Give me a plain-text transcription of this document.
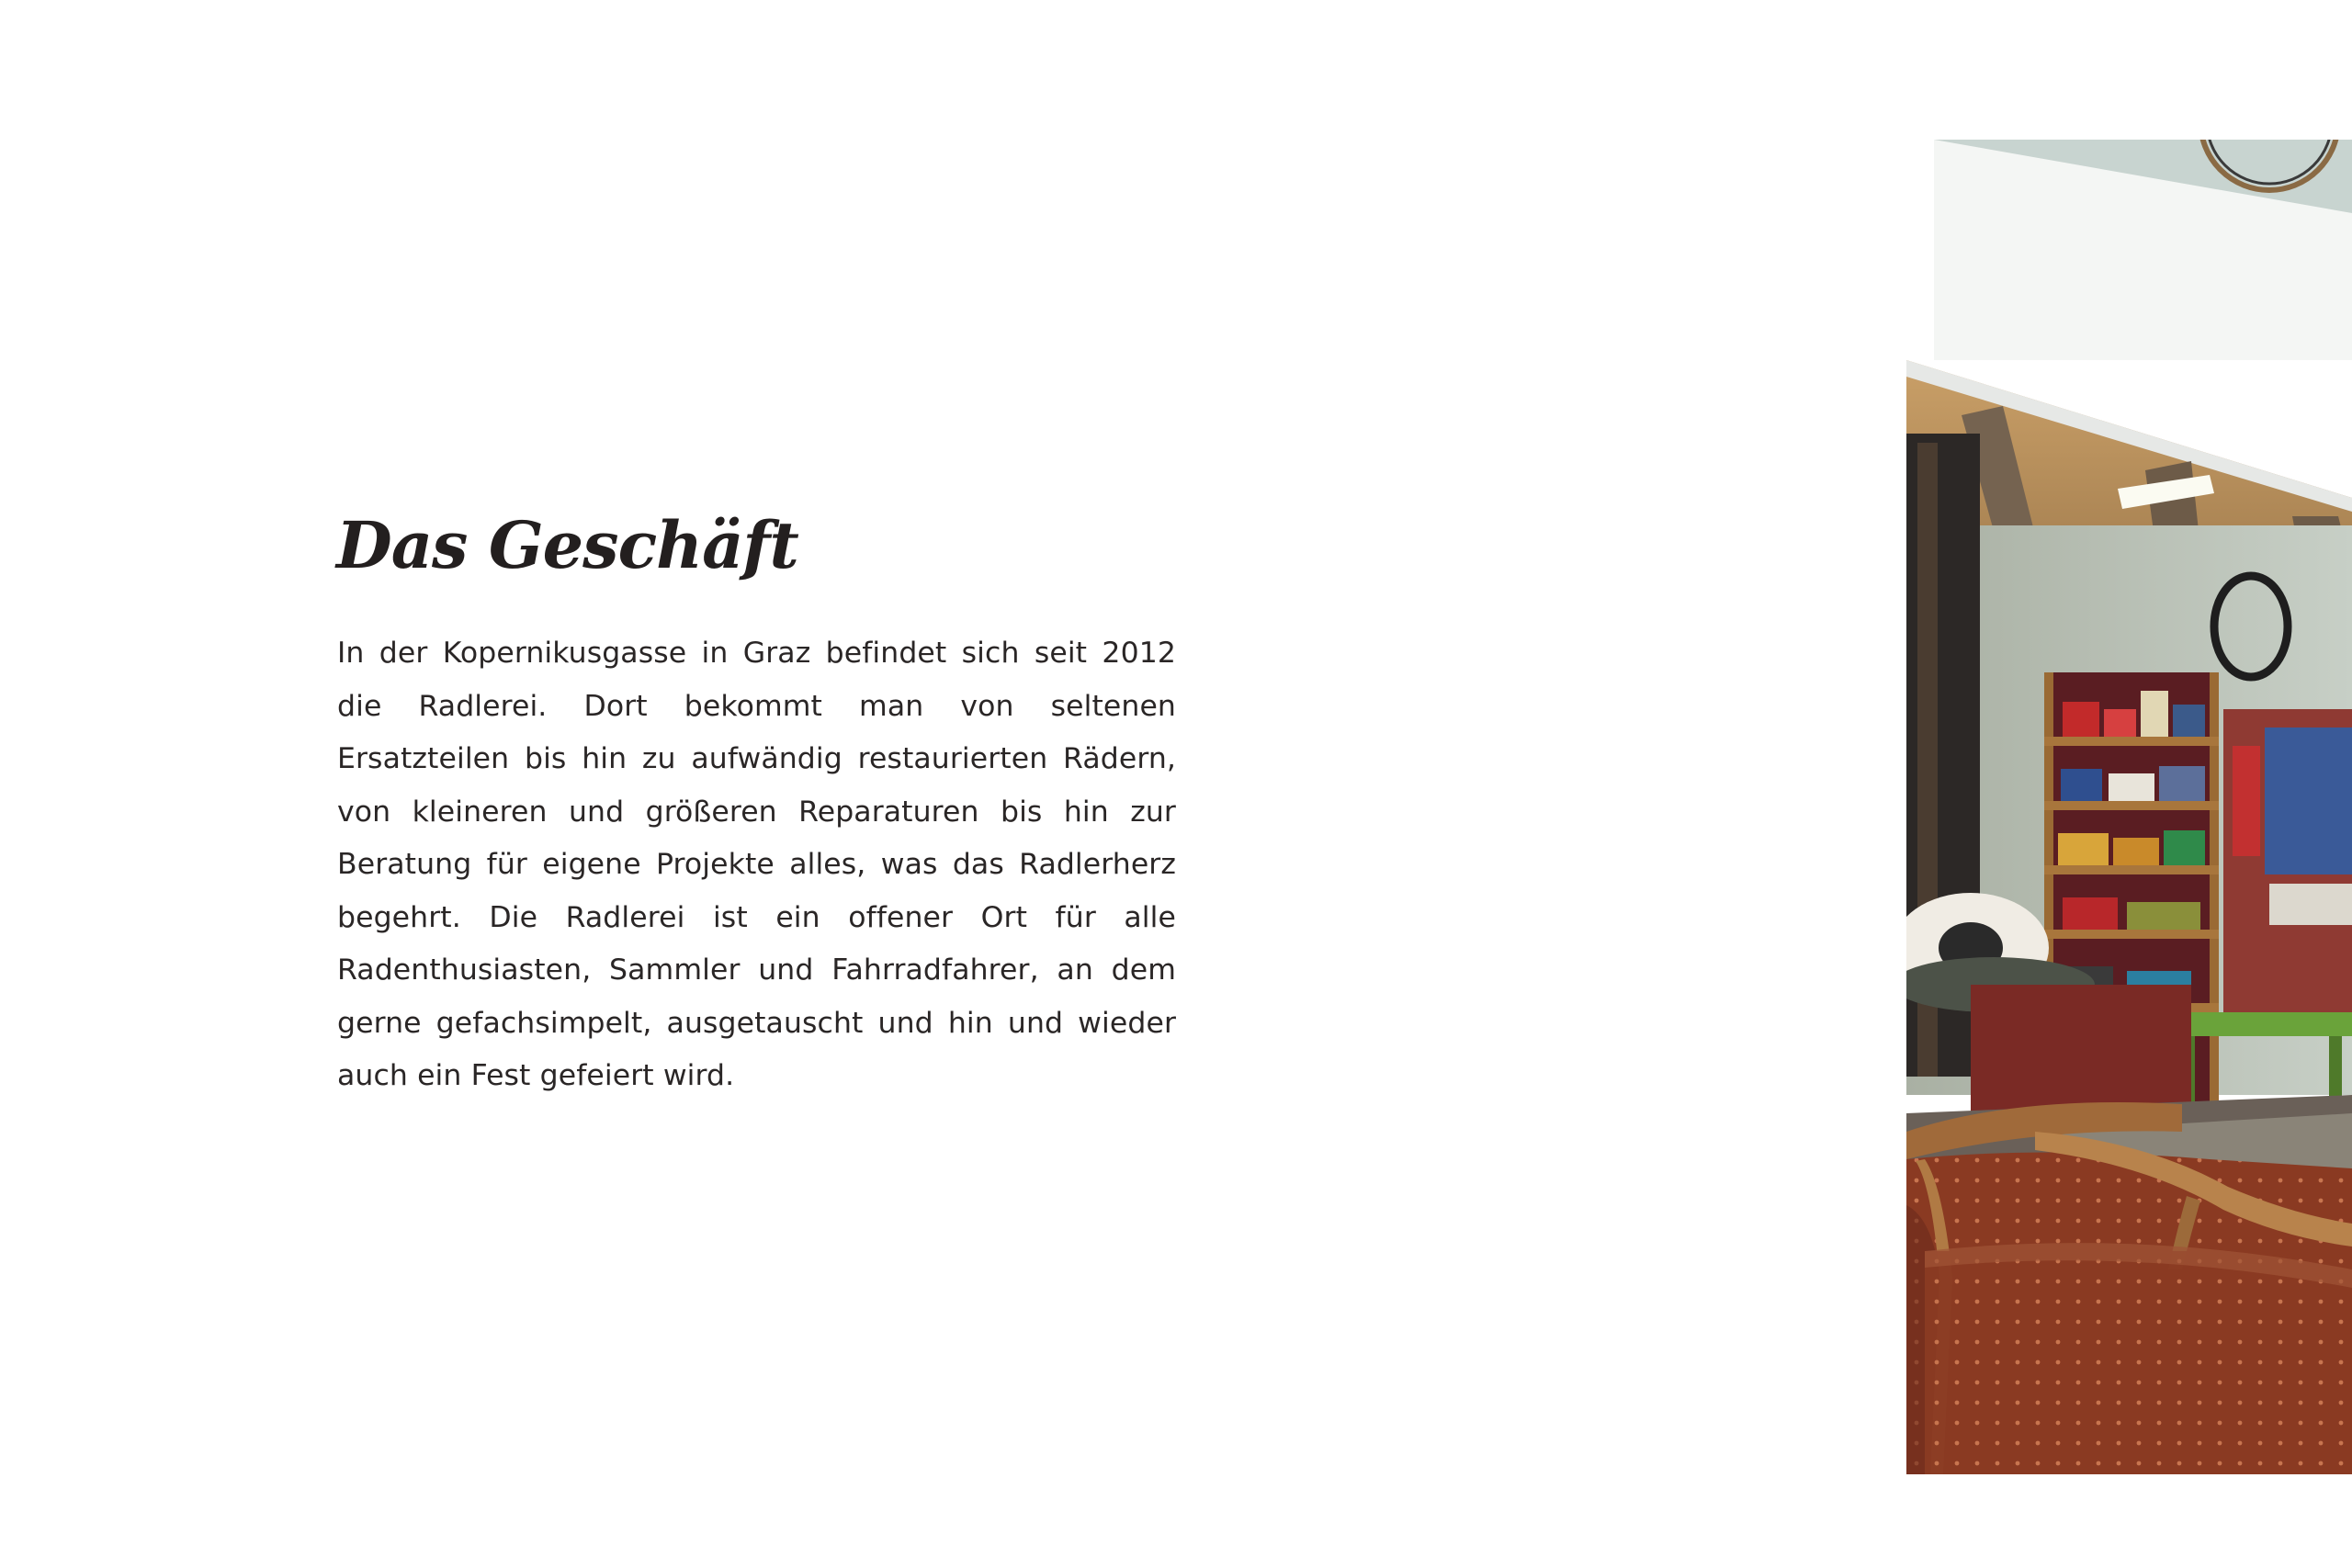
Das Geschäft

In der Kopernikusgasse in Graz befindet sich seit 2012 die Radlerei. Dort bekommt man von seltenen Ersatzteilen bis hin zu aufwändig restaurierten Rädern, von kleineren und größeren Reparaturen bis hin zur Beratung für eigene Projekte alles, was das Radlerherz begehrt. Die Radlerei ist ein offener Ort für alle Radenthusiasten, Sammler und Fahrradfahrer, an dem gerne gefachsimpelt, ausgetauscht und hin und wieder auch ein Fest gefeiert wird.
